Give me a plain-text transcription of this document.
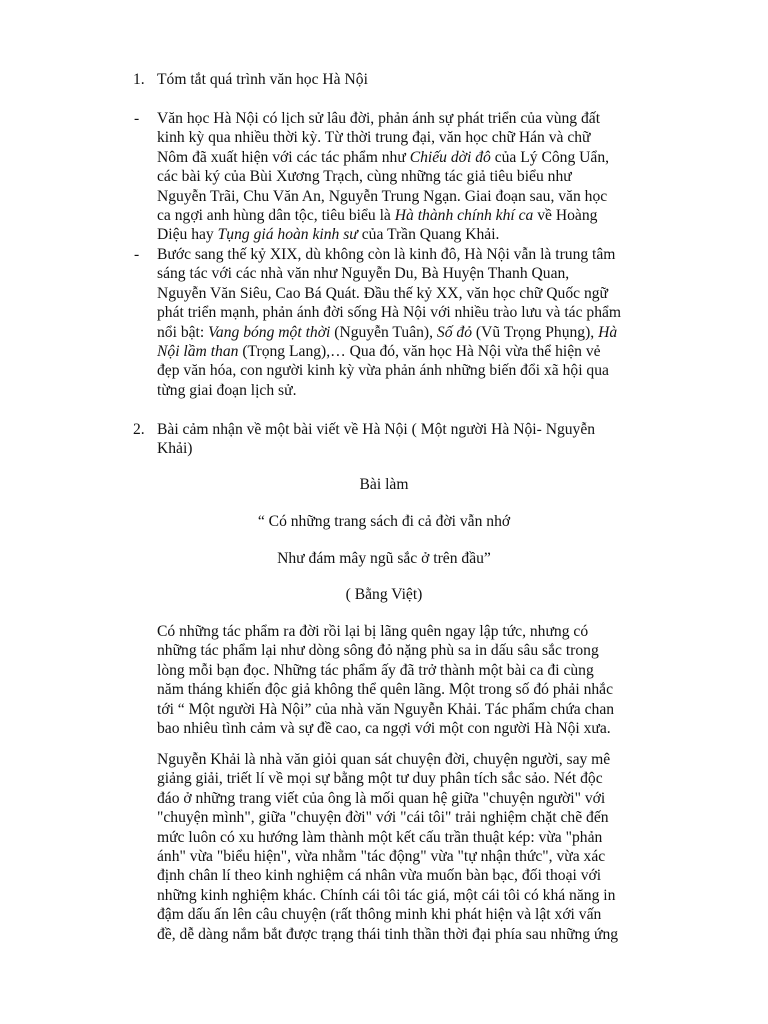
1. Tóm tắt quá trình văn học Hà Nội
- Văn học Hà Nội có lịch sử lâu đời, phản ánh sự phát triển của vùng đất
kinh kỳ qua nhiều thời kỳ. Từ thời trung đại, văn học chữ Hán và chữ
Nôm đã xuất hiện với các tác phẩm như Chiếu dời đô của Lý Công Uẩn,
các bài ký của Bùi Xương Trạch, cùng những tác giả tiêu biểu như
Nguyễn Trãi, Chu Văn An, Nguyễn Trung Ngạn. Giai đoạn sau, văn học
ca ngợi anh hùng dân tộc, tiêu biểu là Hà thành chính khí ca về Hoàng
Diệu hay Tụng giá hoàn kinh sư của Trần Quang Khải.
- Bước sang thế kỷ XIX, dù không còn là kinh đô, Hà Nội vẫn là trung tâm
sáng tác với các nhà văn như Nguyễn Du, Bà Huyện Thanh Quan,
Nguyễn Văn Siêu, Cao Bá Quát. Đầu thế kỷ XX, văn học chữ Quốc ngữ
phát triển mạnh, phản ánh đời sống Hà Nội với nhiều trào lưu và tác phẩm
nổi bật: Vang bóng một thời (Nguyễn Tuân), Số đỏ (Vũ Trọng Phụng), Hà
Nội lầm than (Trọng Lang),… Qua đó, văn học Hà Nội vừa thể hiện vẻ
đẹp văn hóa, con người kinh kỳ vừa phản ánh những biến đổi xã hội qua
từng giai đoạn lịch sử.
2. Bài cảm nhận về một bài viết về Hà Nội ( Một người Hà Nội- Nguyễn
Khải)
Bài làm
“ Có những trang sách đi cả đời vẫn nhớ
Như đám mây ngũ sắc ở trên đầu”
( Bằng Việt)
Có những tác phẩm ra đời rồi lại bị lãng quên ngay lập tức, nhưng có
những tác phẩm lại như dòng sông đỏ nặng phù sa in dấu sâu sắc trong
lòng mỗi bạn đọc. Những tác phẩm ấy đã trở thành một bài ca đi cùng
năm tháng khiến độc giả không thể quên lãng. Một trong số đó phải nhắc
tới “ Một người Hà Nội” của nhà văn Nguyễn Khải. Tác phẩm chứa chan
bao nhiêu tình cảm và sự đề cao, ca ngợi với một con người Hà Nội xưa.
Nguyễn Khải là nhà văn giỏi quan sát chuyện đời, chuyện người, say mê
giảng giải, triết lí về mọi sự bằng một tư duy phân tích sắc sảo. Nét độc
đáo ở những trang viết của ông là mối quan hệ giữa "chuyện người" với
"chuyện mình", giữa "chuyện đời" với "cái tôi" trải nghiệm chặt chẽ đến
mức luôn có xu hướng làm thành một kết cấu trần thuật kép: vừa "phản
ánh" vừa "biểu hiện", vừa nhằm "tác động" vừa "tự nhận thức", vừa xác
định chân lí theo kinh nghiệm cá nhân vừa muốn bàn bạc, đối thoại với
những kinh nghiệm khác. Chính cái tôi tác giá, một cái tôi có khá năng in
đậm dấu ấn lên câu chuyện (rất thông minh khi phát hiện và lật xới vấn
đề, dễ dàng nắm bắt được trạng thái tinh thần thời đại phía sau những ứng
